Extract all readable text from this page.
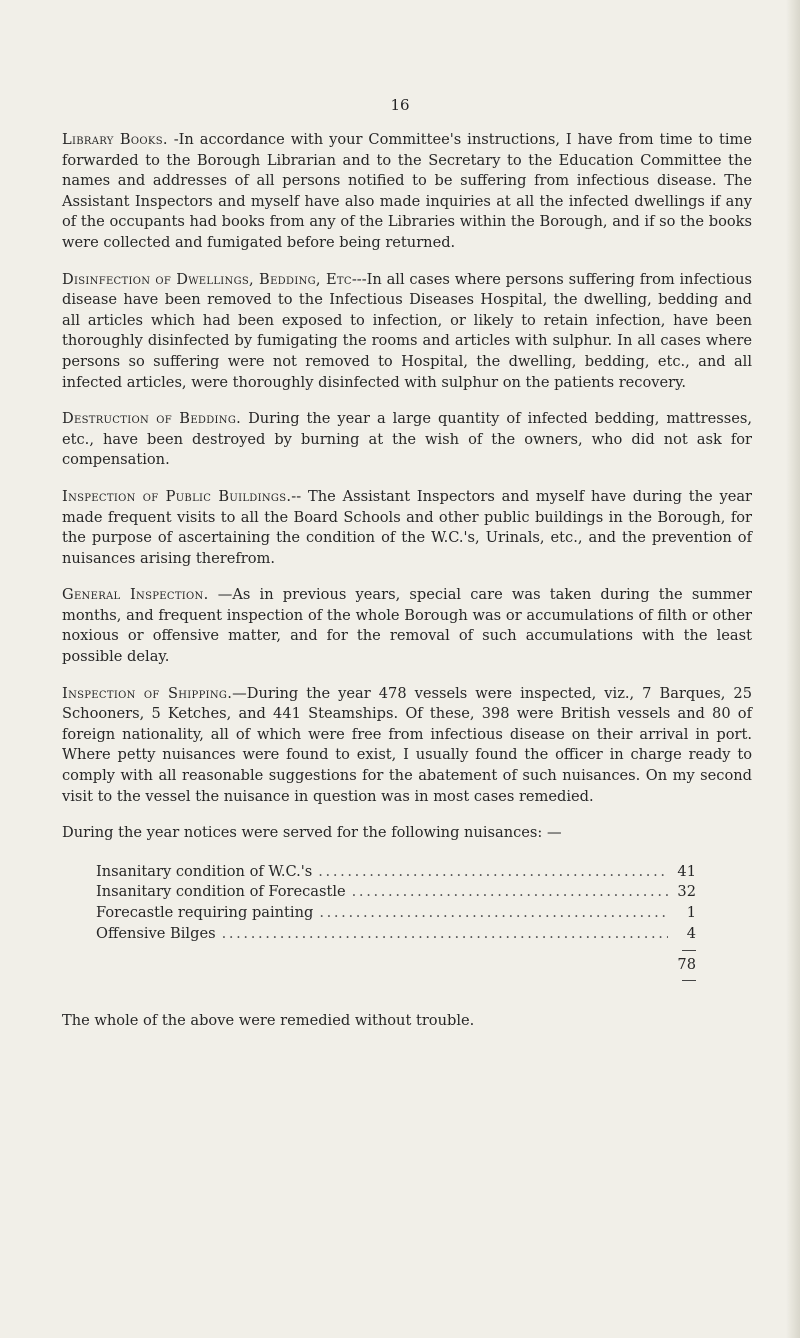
16

Library Books. -In accordance with your Committee's instructions, I have from time to time forwarded to the Borough Librarian and to the Secretary to the Education Committee the names and addresses of all persons notified to be suffering from infectious disease. The Assistant Inspectors and myself have also made inquiries at all the infected dwellings if any of the occupants had books from any of the Libraries within the Borough, and if so the books were collected and fumigated before being returned.

Disinfection of Dwellings, Bedding, Etc---In all cases where persons suffering from infectious disease have been removed to the Infectious Diseases Hospital, the dwelling, bedding and all articles which had been exposed to infection, or likely to retain infection, have been thoroughly disinfected by fumigating the rooms and articles with sulphur. In all cases where persons so suffering were not removed to Hospital, the dwelling, bedding, etc., and all infected articles, were thoroughly disinfected with sulphur on the patients recovery.

Destruction of Bedding. During the year a large quantity of infected bedding, mattresses, etc., have been destroyed by burning at the wish of the owners, who did not ask for compensation.

Inspection of Public Buildings.-- The Assistant Inspectors and myself have during the year made frequent visits to all the Board Schools and other public buildings in the Borough, for the purpose of ascertaining the condition of the W.C.'s, Urinals, etc., and the prevention of nuisances arising therefrom.

General Inspection. —As in previous years, special care was taken during the summer months, and frequent inspection of the whole Borough was or accumulations of filth or other noxious or offensive matter, and for the removal of such accumulations with the least possible delay.

Inspection of Shipping.—During the year 478 vessels were inspected, viz., 7 Barques, 25 Schooners, 5 Ketches, and 441 Steamships. Of these, 398 were British vessels and 80 of foreign nationality, all of which were free from infectious disease on their arrival in port. Where petty nuisances were found to exist, I usually found the officer in charge ready to comply with all reasonable suggestions for the abatement of such nuisances. On my second visit to the vessel the nuisance in question was in most cases remedied.

During the year notices were served for the following nuisances: —

Insanitary condition of W.C.'s . . .	41
Insanitary condition of Forecastle . . .	32
Forecastle requiring painting . . .	1
Offensive Bilges . . .	4
78

The whole of the above were remedied without trouble.
